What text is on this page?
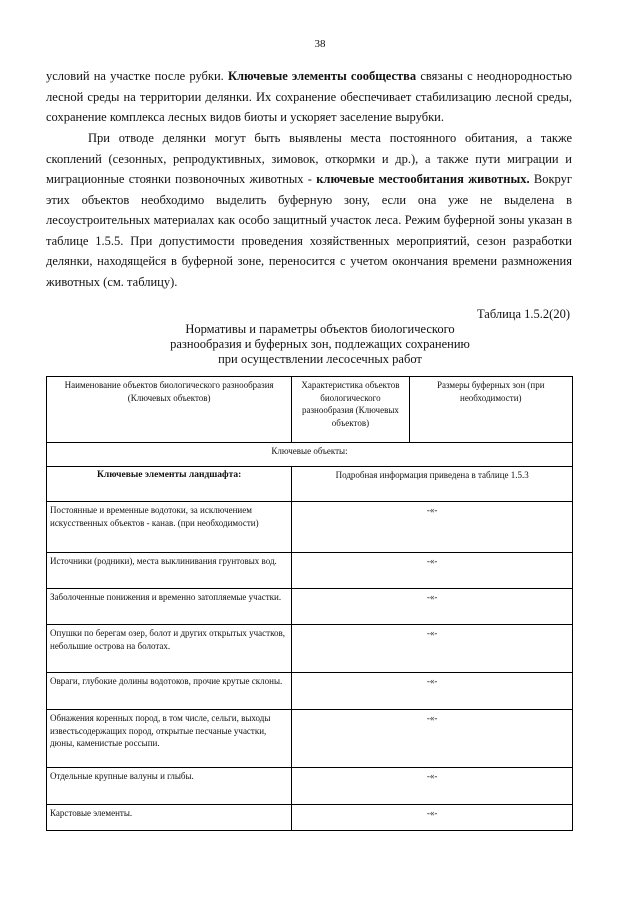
38

условий на участке после рубки. Ключевые элементы сообщества связаны с неоднородностью лесной среды на территории делянки. Их сохранение обеспечивает стабилизацию лесной среды, сохранение комплекса лесных видов биоты и ускоряет заселение вырубки.

При отводе делянки могут быть выявлены места постоянного обитания, а также скоплений (сезонных, репродуктивных, зимовок, откормки и др.), а также пути миграции и миграционные стоянки позвоночных животных - ключевые местообитания животных. Вокруг этих объектов необходимо выделить буферную зону, если она уже не выделена в лесоустроительных материалах как особо защитный участок леса. Режим буферной зоны указан в таблице 1.5.5. При допустимости проведения хозяйственных мероприятий, сезон разработки делянки, находящейся в буферной зоне, переносится с учетом окончания времени размножения животных (см. таблицу).

Таблица 1.5.2(20)
Нормативы и параметры объектов биологического
разнообразия и буферных зон, подлежащих сохранению
при осуществлении лесосечных работ
Наименование объектов биологического разнообразия (Ключевых объектов)	Характеристика объектов биологического разнообразия (Ключевых объектов)	Размеры буферных зон (при необходимости)
Ключевые объекты:		
Ключевые элементы ландшафта:	Подробная информация приведена в таблице 1.5.3	
Постоянные и временные водотоки, за исключением искусственных объектов - канав. (при необходимости)	-«-	
Источники (родники), места выклинивания грунтовых вод.	-«-	
Заболоченные понижения и временно затопляемые участки.	-«-	
Опушки по берегам озер, болот и других открытых участков, небольшие острова на болотах.	-«-	
Овраги, глубокие долины водотоков, прочие крутые склоны.	-«-	
Обнажения коренных пород, в том числе, сельги, выходы известьсодержащих пород, открытые песчаные участки, дюны, каменистые россыпи.	-«-	
Отдельные крупные валуны и глыбы.	-«-	
Карстовые элементы.	-«-	
